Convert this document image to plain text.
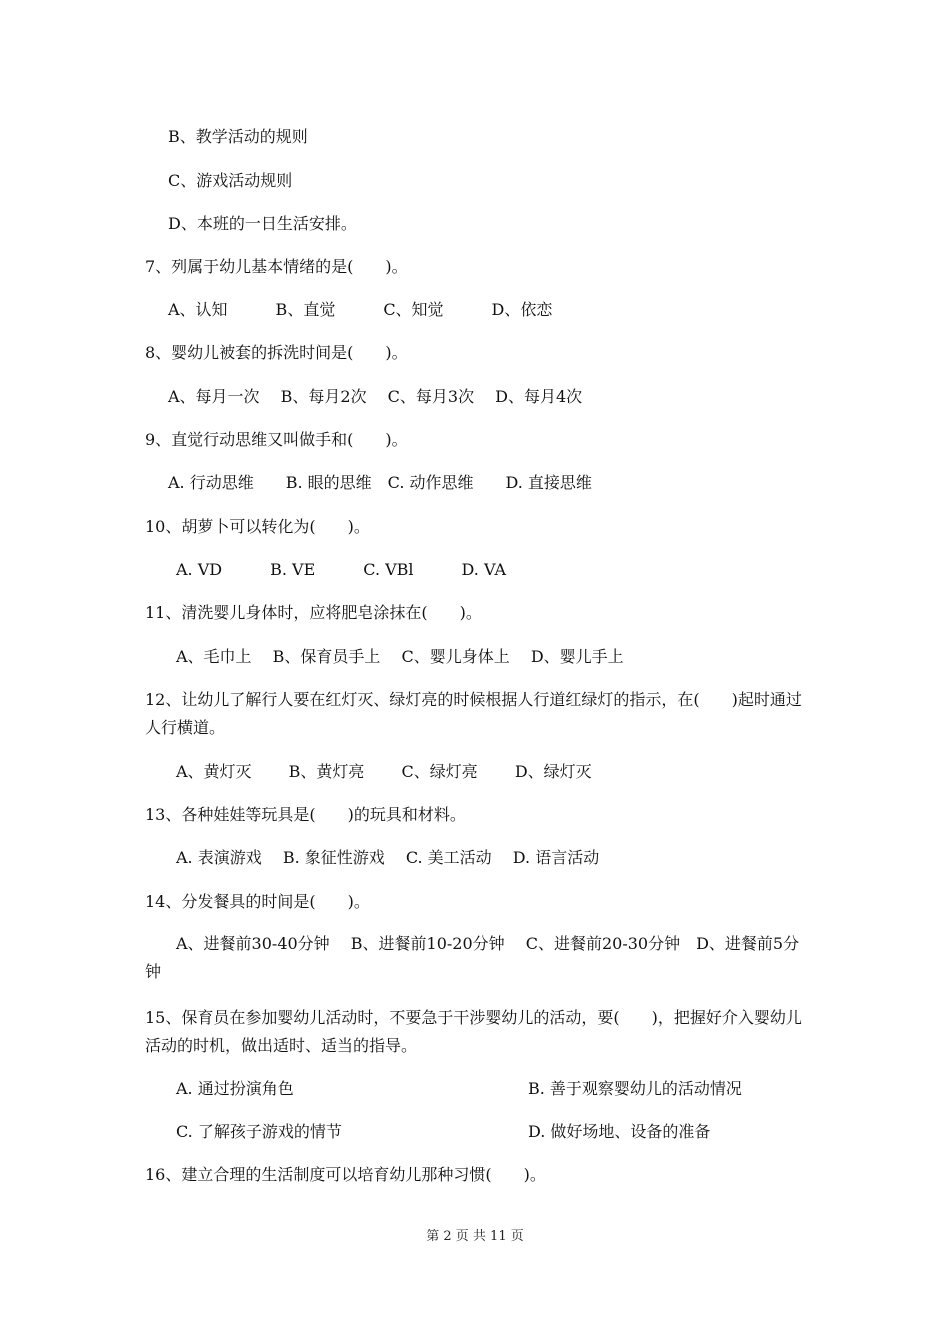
B、教学活动的规则
C、游戏活动规则
D、本班的一日生活安排。
7、列属于幼儿基本情绪的是(　　)。
A、认知　　　B、直觉　　　C、知觉　　　D、依恋
8、婴幼儿被套的拆洗时间是(　　)。
A、每月一次　 B、每月2次　 C、每月3次　 D、每月4次
9、直觉行动思维又叫做手和(　　)。
A. 行动思维　　B. 眼的思维　C. 动作思维　　D. 直接思维
10、胡萝卜可以转化为(　　)。
A. VD　　　B. VE　　　C. VBl　　　D. VA
11、清洗婴儿身体时，应将肥皂涂抹在(　　)。
A、毛巾上　 B、保育员手上　 C、婴儿身体上　 D、婴儿手上
12、让幼儿了解行人要在红灯灭、绿灯亮的时候根据人行道红绿灯的指示，在(　　)起时通过人行横道。
A、黄灯灭　　 B、黄灯亮　　 C、绿灯亮　　 D、绿灯灭
13、各种娃娃等玩具是(　　)的玩具和材料。
A. 表演游戏　 B. 象征性游戏　 C. 美工活动　 D. 语言活动
14、分发餐具的时间是(　　)。
A、进餐前30-40分钟　 B、进餐前10-20分钟　 C、进餐前20-30分钟　D、进餐前5分钟
15、保育员在参加婴幼儿活动时，不要急于干涉婴幼儿的活动，要(　　)，把握好介入婴幼儿活动的时机，做出适时、适当的指导。
A. 通过扮演角色	B. 善于观察婴幼儿的活动情况
C. 了解孩子游戏的情节	D. 做好场地、设备的准备
16、建立合理的生活制度可以培育幼儿那种习惯(　　)。
第 2 页 共 11 页
